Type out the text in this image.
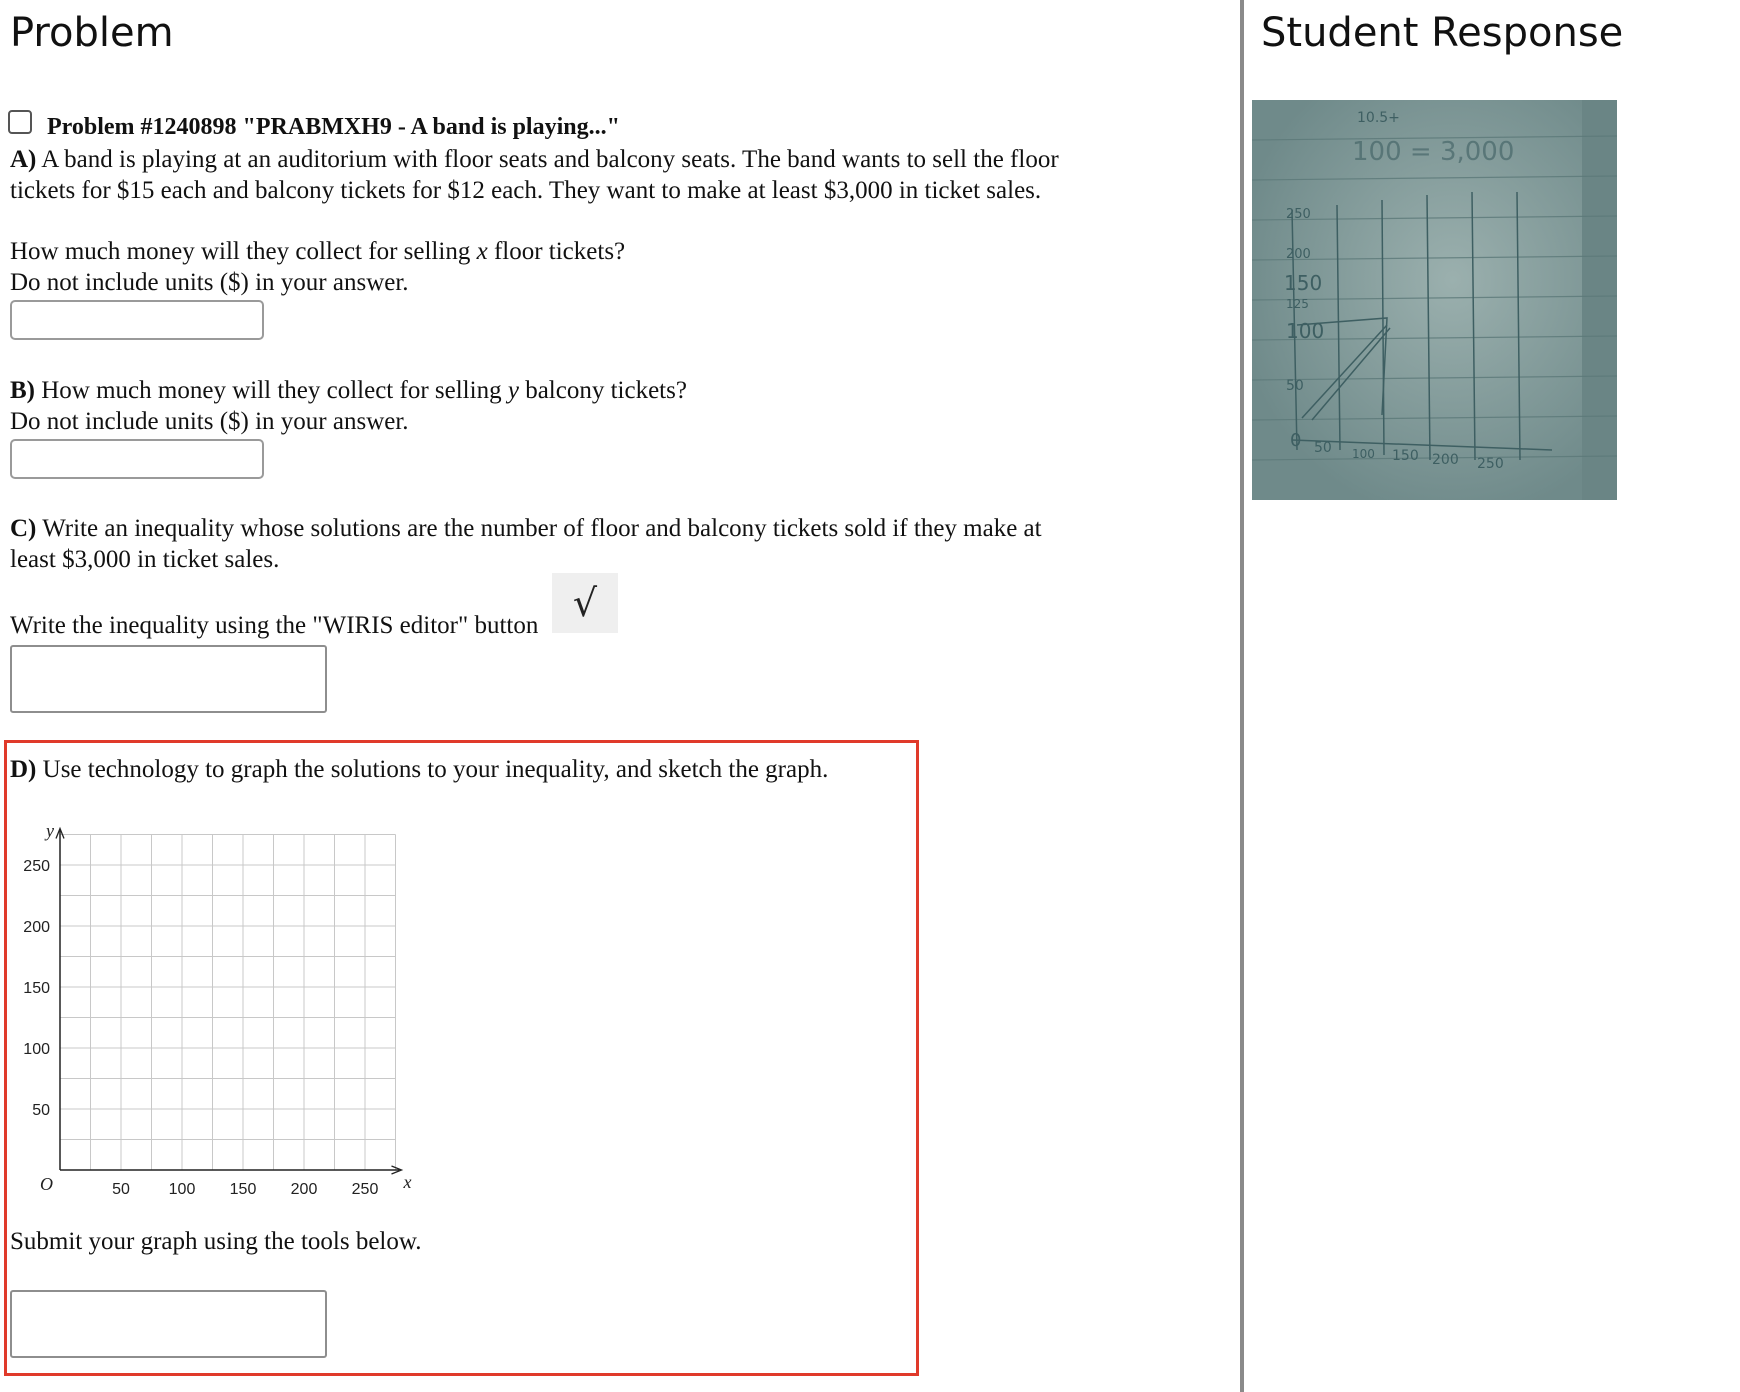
Problem

Problem #1240898 "PRABMXH9 - A band is playing..."

A) A band is playing at an auditorium with floor seats and balcony seats. The band wants to sell the floor

tickets for $15 each and balcony tickets for $12 each. They want to make at least $3,000 in ticket sales.

How much money will they collect for selling x floor tickets?

Do not include units ($) in your answer.

B) How much money will they collect for selling y balcony tickets?

Do not include units ($) in your answer.

C) Write an inequality whose solutions are the number of floor and balcony tickets sold if they make at

least $3,000 in ticket sales.

Write the inequality using the "WIRIS editor" button

√

D) Use technology to graph the solutions to your inequality, and sketch the graph.

50 100 150 200 250
50
100
150
200
250
x
y
O

Submit your graph using the tools below.

Student Response
10.5+
100 = 3,000
250
200
150
125
100
50
0 50 100 150 200 250
